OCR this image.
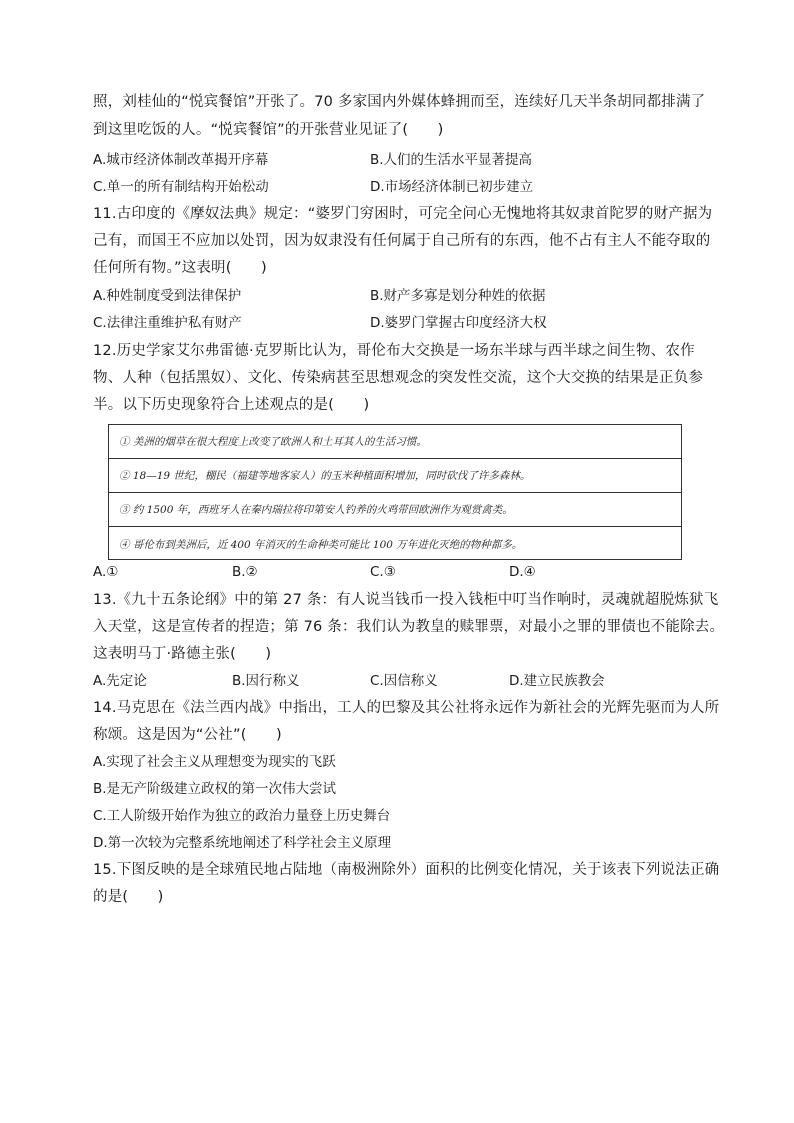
照，刘桂仙的“悦宾餐馆”开张了。70 多家国内外媒体蜂拥而至，连续好几天半条胡同都排满了
到这里吃饭的人。“悦宾餐馆”的开张营业见证了(　　)
A.城市经济体制改革揭开序幕	B.人们的生活水平显著提高
C.单一的所有制结构开始松动	D.市场经济体制已初步建立
11.古印度的《摩奴法典》规定：“婆罗门穷困时，可完全问心无愧地将其奴隶首陀罗的财产据为
己有，而国王不应加以处罚，因为奴隶没有任何属于自己所有的东西，他不占有主人不能夺取的
任何所有物。”这表明(　　)
A.种姓制度受到法律保护	B.财产多寡是划分种姓的依据
C.法律注重维护私有财产	D.婆罗门掌握古印度经济大权
12.历史学家艾尔弗雷德·克罗斯比认为，哥伦布大交换是一场东半球与西半球之间生物、农作
物、人种（包括黑奴）、文化、传染病甚至思想观念的突发性交流，这个大交换的结果是正负参
半。以下历史现象符合上述观点的是(　　)
① 美洲的烟草在很大程度上改变了欧洲人和土耳其人的生活习惯。
② 18—19 世纪，棚民（福建等地客家人）的玉米种植面积增加，同时砍伐了许多森林。
③ 约 1500 年，西班牙人在秦内瑞拉将印第安人钓养的火鸡带回欧洲作为观赏禽类。
④ 哥伦布到美洲后，近 400 年消灭的生命种类可能比 100 万年进化灭绝的物种都多。
A.①	B.②	C.③	D.④
13.《九十五条论纲》中的第 27 条：有人说当钱币一投入钱柜中叮当作响时，灵魂就超脱炼狱飞
入天堂，这是宣传者的捏造；第 76 条：我们认为教皇的赎罪票，对最小之罪的罪债也不能除去。
这表明马丁·路德主张(　　)
A.先定论	B.因行称义	C.因信称义	D.建立民族教会
14.马克思在《法兰西内战》中指出，工人的巴黎及其公社将永远作为新社会的光辉先驱而为人所
称颂。这是因为“公社”(　　)
A.实现了社会主义从理想变为现实的飞跃
B.是无产阶级建立政权的第一次伟大尝试
C.工人阶级开始作为独立的政治力量登上历史舞台
D.第一次较为完整系统地阐述了科学社会主义原理
15.下图反映的是全球殖民地占陆地（南极洲除外）面积的比例变化情况，关于该表下列说法正确
的是(　　)
